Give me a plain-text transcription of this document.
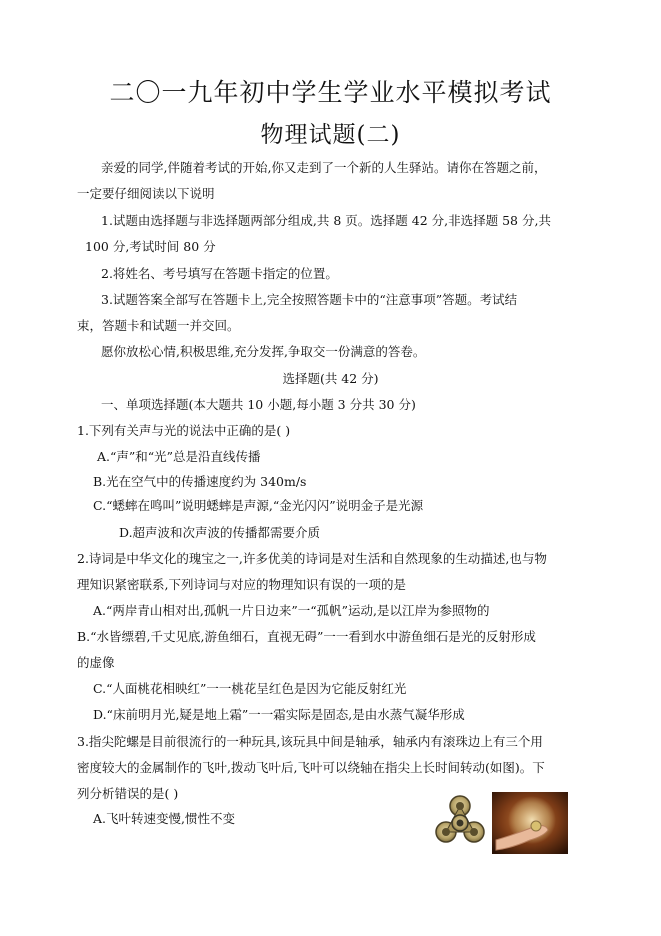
二〇一九年初中学生学业水平模拟考试
物理试题(二)
亲爱的同学,伴随着考试的开始,你又走到了一个新的人生驿站。请你在答题之前，
一定要仔细阅读以下说明
1.试题由选择题与非选择题两部分组成,共 8 页。选择题 42 分,非选择题 58 分,共
100 分,考试时间 80 分
2.将姓名、考号填写在答题卡指定的位置。
3.试题答案全部写在答题卡上,完全按照答题卡中的“注意事项”答题。考试结
束，答题卡和试题一并交回。
愿你放松心情,积极思维,充分发挥,争取交一份满意的答卷。
选择题(共 42 分)
一、单项选择题(本大题共 10 小题,每小题 3 分共 30 分)
1.下列有关声与光的说法中正确的是( )
A.“声”和“光”总是沿直线传播
B.光在空气中的传播速度约为 340m/s
C.“蟋蟀在鸣叫”说明蟋蟀是声源,“金光闪闪”说明金子是光源
D.超声波和次声波的传播都需要介质
2.诗词是中华文化的瑰宝之一,许多优美的诗词是对生活和自然现象的生动描述,也与物
理知识紧密联系,下列诗词与对应的物理知识有误的一项的是
A.“两岸青山相对出,孤帆一片日边来”一“孤帆”运动,是以江岸为参照物的
B.“水皆缥碧,千丈见底,游鱼细石，直视无碍”一一看到水中游鱼细石是光的反射形成
的虚像
C.“人面桃花相映红”一一桃花呈红色是因为它能反射红光
D.“床前明月光,疑是地上霜”一一霜实际是固态,是由水蒸气凝华形成
3.指尖陀螺是目前很流行的一种玩具,该玩具中间是轴承，轴承内有滚珠边上有三个用
密度较大的金属制作的飞叶,拨动飞叶后,飞叶可以绕轴在指尖上长时间转动(如图)。下
列分析错误的是( )
A.飞叶转速变慢,惯性不变
